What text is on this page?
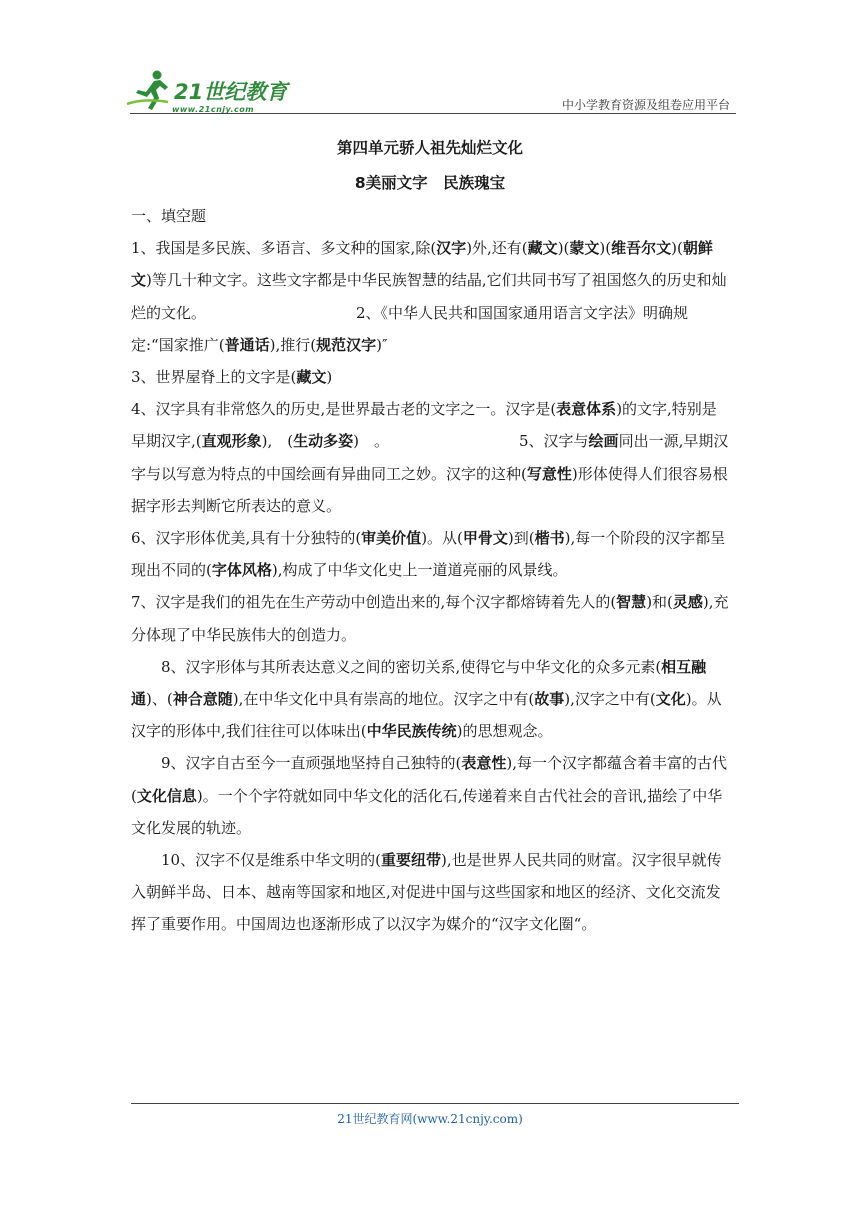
21世纪教育
www.21cnjy.com	中小学教育资源及组卷应用平台
第四单元骄人祖先灿烂文化
8美丽文字　民族瑰宝

一、填空题

1、我国是多民族、多语言、多文种的国家,除(汉字)外,还有(藏文)(蒙文)(维吾尔文)(朝鲜文)等几十种文字。这些文字都是中华民族智慧的结晶,它们共同书写了祖国悠久的历史和灿烂的文化。	2、《中华人民共和国国家通用语言文字法》明确规定:“国家推广(普通话),推行(规范汉字)″

3、世界屋脊上的文字是(藏文)

4、汉字具有非常悠久的历史,是世界最古老的文字之一。汉字是(表意体系)的文字,特别是早期汉字,(直观形象),　(生动多姿)　。	5、汉字与绘画同出一源,早期汉字与以写意为特点的中国绘画有异曲同工之妙。汉字的这种(写意性)形体使得人们很容易根据字形去判断它所表达的意义。

6、汉字形体优美,具有十分独特的(审美价值)。从(甲骨文)到(楷书),每一个阶段的汉字都呈现出不同的(字体风格),构成了中华文化史上一道道亮丽的风景线。

7、汉字是我们的祖先在生产劳动中创造出来的,每个汉字都熔铸着先人的(智慧)和(灵感),充分体现了中华民族伟大的创造力。

8、汉字形体与其所表达意义之间的密切关系,使得它与中华文化的众多元素(相互融通)、(神合意随),在中华文化中具有崇高的地位。汉字之中有(故事),汉字之中有(文化)。从汉字的形体中,我们往往可以体味出(中华民族传统)的思想观念。

9、汉字自古至今一直顽强地坚持自己独特的(表意性),每一个汉字都蕴含着丰富的古代(文化信息)。一个个字符就如同中华文化的活化石,传递着来自古代社会的音讯,描绘了中华文化发展的轨迹。

10、汉字不仅是维系中华文明的(重要纽带),也是世界人民共同的财富。汉字很早就传入朝鲜半岛、日本、越南等国家和地区,对促进中国与这些国家和地区的经济、文化交流发挥了重要作用。中国周边也逐渐形成了以汉字为媒介的“汉字文化圈“。

21世纪教育网(www.21cnjy.com)
